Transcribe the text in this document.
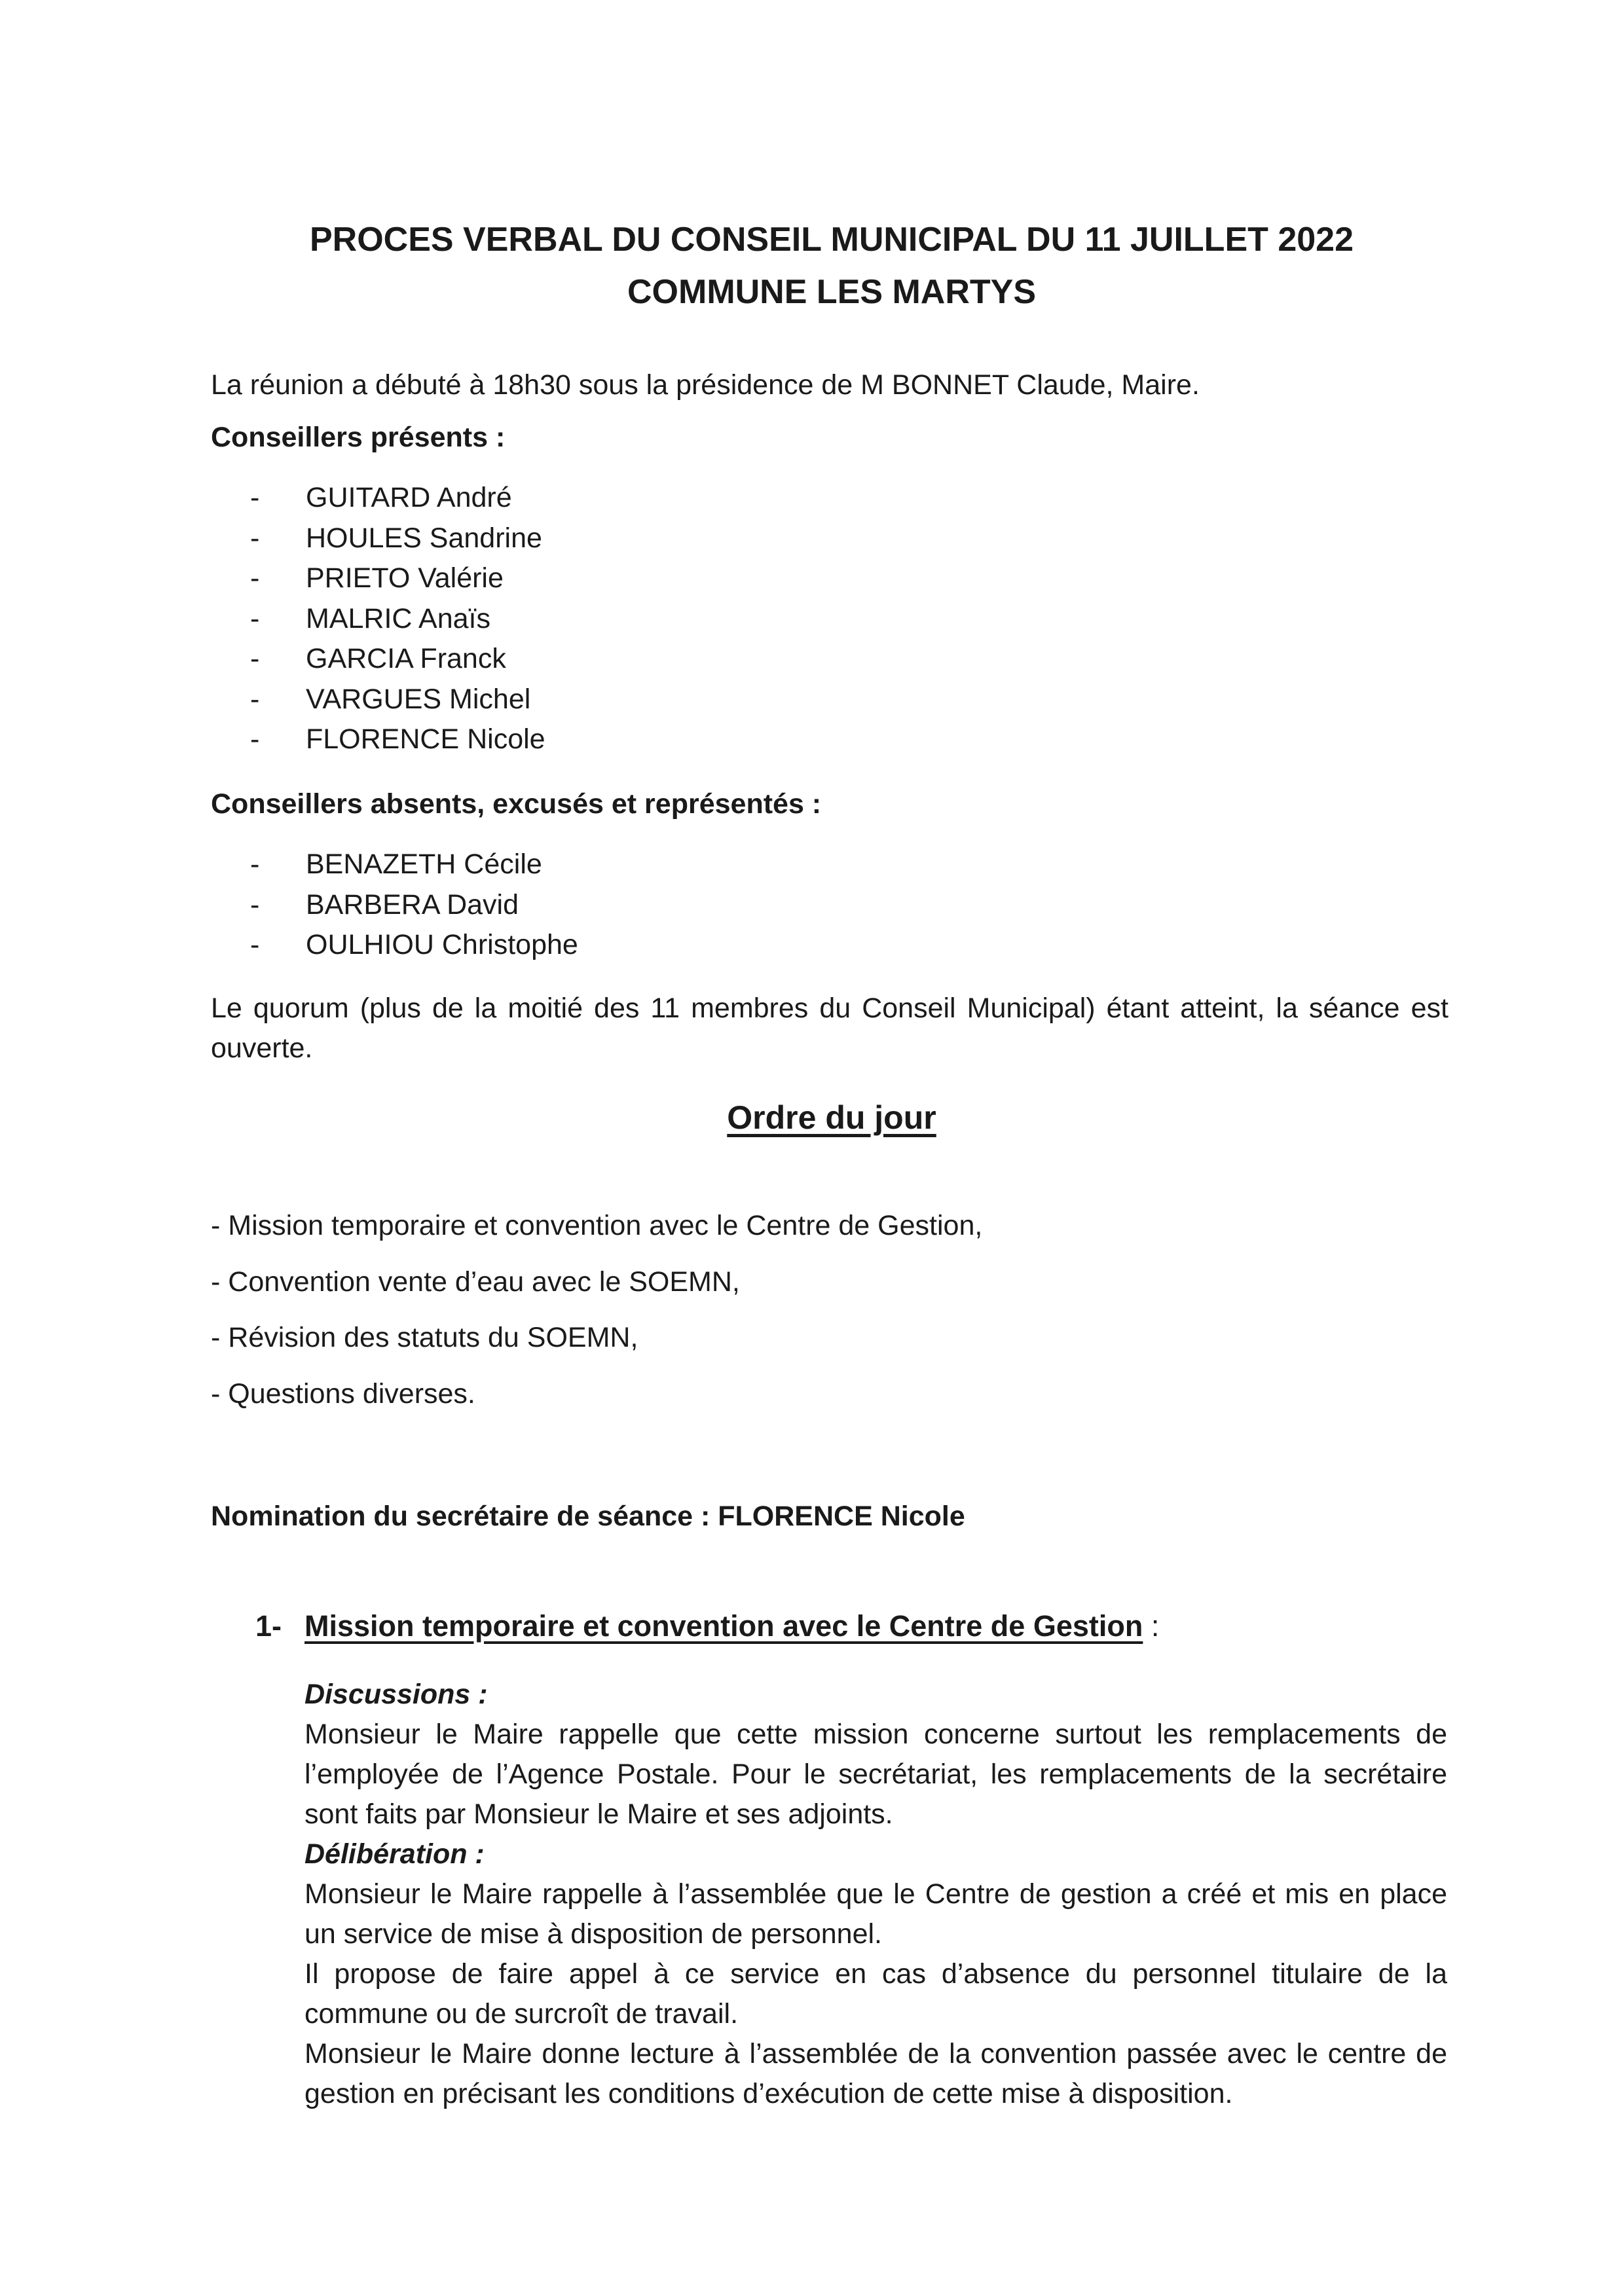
PROCES VERBAL DU CONSEIL MUNICIPAL DU 11 JUILLET 2022
COMMUNE LES MARTYS
La réunion a débuté à 18h30 sous la présidence de M BONNET Claude, Maire.
Conseillers présents :
- GUITARD André
- HOULES Sandrine
- PRIETO Valérie
- MALRIC Anaïs
- GARCIA Franck
- VARGUES Michel
- FLORENCE Nicole
Conseillers absents, excusés et représentés :
- BENAZETH Cécile
- BARBERA David
- OULHIOU Christophe
Le quorum (plus de la moitié des 11 membres du Conseil Municipal) étant atteint, la séance est ouverte.
Ordre du jour
- Mission temporaire et convention avec le Centre de Gestion,
- Convention vente d’eau avec le SOEMN,
- Révision des statuts du SOEMN,
- Questions diverses.
Nomination du secrétaire de séance : FLORENCE Nicole
1- Mission temporaire et convention avec le Centre de Gestion :
Discussions :

Monsieur le Maire rappelle que cette mission concerne surtout les remplacements de l’employée de l’Agence Postale. Pour le secrétariat, les remplacements de la secrétaire sont faits par Monsieur le Maire et ses adjoints.

Délibération :

Monsieur le Maire rappelle à l’assemblée que le Centre de gestion a créé et mis en place un service de mise à disposition de personnel.

Il propose de faire appel à ce service en cas d’absence du personnel titulaire de la commune ou de surcroît de travail.

Monsieur le Maire donne lecture à l’assemblée de la convention passée avec le centre de gestion en précisant les conditions d’exécution de cette mise à disposition.
